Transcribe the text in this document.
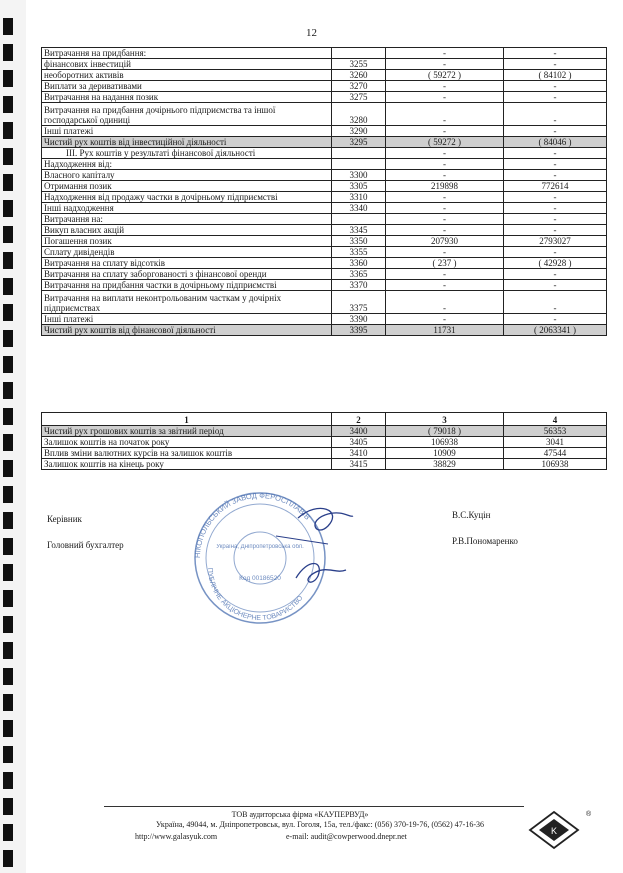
12
Витрачання на придбання:		-	-
фінансових інвестицій	3255	-	-
необоротних активів	3260	( 59272 )	( 84102 )
Виплати за деривативами	3270	-	-
Витрачання на надання позик	3275	-	-
Витрачання на придбання дочірнього підприємства та іншої господарської одиниці	3280	-	-
Інші платежі	3290	-	-
Чистий рух коштів від інвестиційної діяльності	3295	( 59272 )	( 84046 )
III. Рух коштів у результаті фінансової діяльності		-	-
Надходження від:		-	-
Власного капіталу	3300	-	-
Отримання позик	3305	219898	772614
Надходження від продажу частки в дочірньому підприємстві	3310	-	-
Інші надходження	3340	-	-
Витрачання на:		-	-
Викуп власних акцій	3345	-	-
Погашення позик	3350	207930	2793027
Сплату дивідендів	3355	-	-
Витрачання на сплату відсотків	3360	( 237 )	( 42928 )
Витрачання на сплату заборгованості з фінансової оренди	3365	-	-
Витрачання на придбання частки в дочірньому підприємстві	3370	-	-
Витрачання на виплати неконтрольованим часткам у дочірніх підприємствах	3375	-	-
Інші платежі	3390	-	-
Чистий рух коштів від фінансової діяльності	3395	11731	( 2063341 )
1	2	3	4
Чистий рух грошових коштів за звітний період	3400	( 79018 )	56353
Залишок коштів на початок року	3405	106938	3041
Вплив зміни валютних курсів на залишок коштів	3410	10909	47544
Залишок коштів на кінець року	3415	38829	106938
Керівник	В.С.Куцін
Головний бухгалтер	Р.В.Пономаренко
НІКОПОЛЬСЬКИЙ ЗАВОД ФЕРОСПЛАВІВ
ПУБЛІЧНЕ АКЦІОНЕРНЕ ТОВАРИСТВО
Україна, Дніпропетровська обл.
Код 00186520
ТОВ аудиторська фірма «КАУПЕРВУД»
Україна, 49044, м. Дніпропетровськ, вул. Гоголя, 15а, тел./факс: (056) 370-19-76, (0562) 47-16-36
http://www.galasyuk.com	e-mail: audit@cowperwood.dnepr.net
K
®
